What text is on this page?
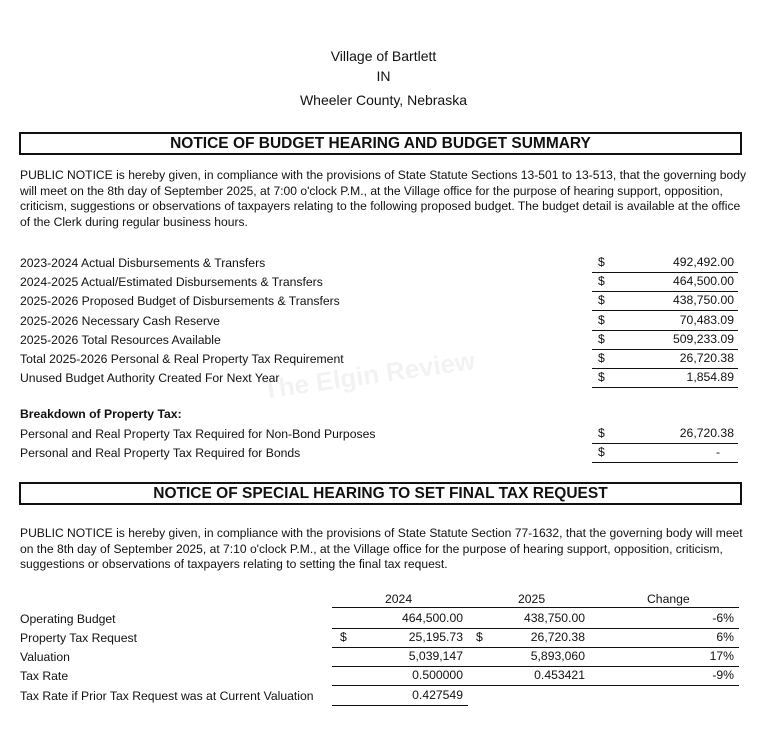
Village of Bartlett
IN
Wheeler County, Nebraska
The Elgin Review
NOTICE OF BUDGET HEARING AND BUDGET SUMMARY
PUBLIC NOTICE is hereby given, in compliance with the provisions of State Statute Sections 13-501 to 13-513, that the governing body
will meet on the 8th day of September 2025, at 7:00 o'clock P.M., at the Village office for the purpose of hearing support, opposition,
criticism, suggestions or observations of taxpayers relating to the following proposed budget. The budget detail is available at the office
of the Clerk during regular business hours.
2023-2024 Actual Disbursements & Transfers	$	492,492.00
2024-2025 Actual/Estimated Disbursements & Transfers	$	464,500.00
2025-2026 Proposed Budget of Disbursements & Transfers	$	438,750.00
2025-2026 Necessary Cash Reserve	$	70,483.09
2025-2026 Total Resources Available	$	509,233.09
Total 2025-2026 Personal & Real Property Tax Requirement	$	26,720.38
Unused Budget Authority Created For Next Year	$	1,854.89
Breakdown of Property Tax:
Personal and Real Property Tax Required for Non-Bond Purposes	$	26,720.38
Personal and Real Property Tax Required for Bonds	$	-
NOTICE OF SPECIAL HEARING TO SET FINAL TAX REQUEST
PUBLIC NOTICE is hereby given, in compliance with the provisions of State Statute Section 77-1632, that the governing body will meet
on the 8th day of September 2025, at 7:10 o'clock P.M., at the Village office for the purpose of hearing support, opposition, criticism,
suggestions or observations of taxpayers relating to setting the final tax request.
2024	2025	Change
Operating Budget	464,500.00	438,750.00	-6%
Property Tax Request	$	25,195.73 $	26,720.38	6%
Valuation	5,039,147	5,893,060	17%
Tax Rate	0.500000	0.453421	-9%
Tax Rate if Prior Tax Request was at Current Valuation	0.427549
